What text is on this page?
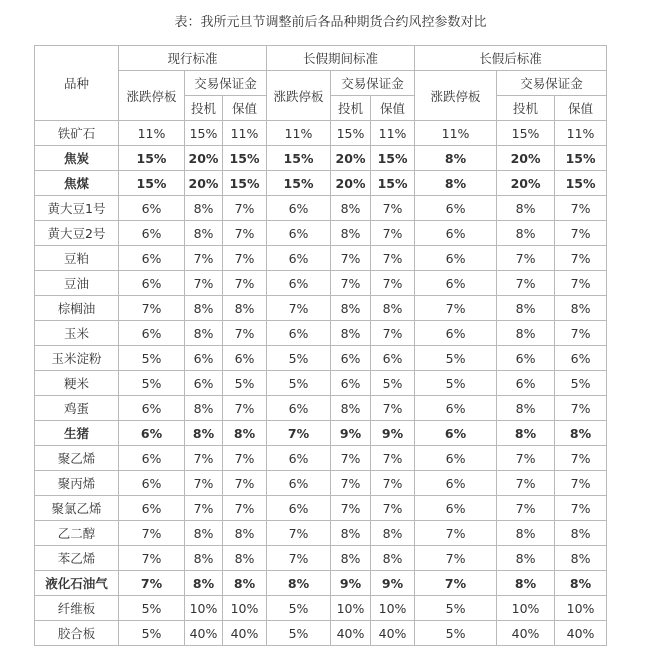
表：我所元旦节调整前后各品种期货合约风控参数对比
品种	现行标准			长假期间标准			长假后标准		
	涨跌停板	交易保证金		涨跌停板	交易保证金		涨跌停板	交易保证金	
		投机	保值		投机	保值		投机	保值
铁矿石	11%	15%	11%	11%	15%	11%	11%	15%	11%
焦炭	15%	20%	15%	15%	20%	15%	8%	20%	15%
焦煤	15%	20%	15%	15%	20%	15%	8%	20%	15%
黄大豆1号	6%	8%	7%	6%	8%	7%	6%	8%	7%
黄大豆2号	6%	8%	7%	6%	8%	7%	6%	8%	7%
豆粕	6%	7%	7%	6%	7%	7%	6%	7%	7%
豆油	6%	7%	7%	6%	7%	7%	6%	7%	7%
棕榈油	7%	8%	8%	7%	8%	8%	7%	8%	8%
玉米	6%	8%	7%	6%	8%	7%	6%	8%	7%
玉米淀粉	5%	6%	6%	5%	6%	6%	5%	6%	6%
粳米	5%	6%	5%	5%	6%	5%	5%	6%	5%
鸡蛋	6%	8%	7%	6%	8%	7%	6%	8%	7%
生猪	6%	8%	8%	7%	9%	9%	6%	8%	8%
聚乙烯	6%	7%	7%	6%	7%	7%	6%	7%	7%
聚丙烯	6%	7%	7%	6%	7%	7%	6%	7%	7%
聚氯乙烯	6%	7%	7%	6%	7%	7%	6%	7%	7%
乙二醇	7%	8%	8%	7%	8%	8%	7%	8%	8%
苯乙烯	7%	8%	8%	7%	8%	8%	7%	8%	8%
液化石油气	7%	8%	8%	8%	9%	9%	7%	8%	8%
纤维板	5%	10%	10%	5%	10%	10%	5%	10%	10%
胶合板	5%	40%	40%	5%	40%	40%	5%	40%	40%
